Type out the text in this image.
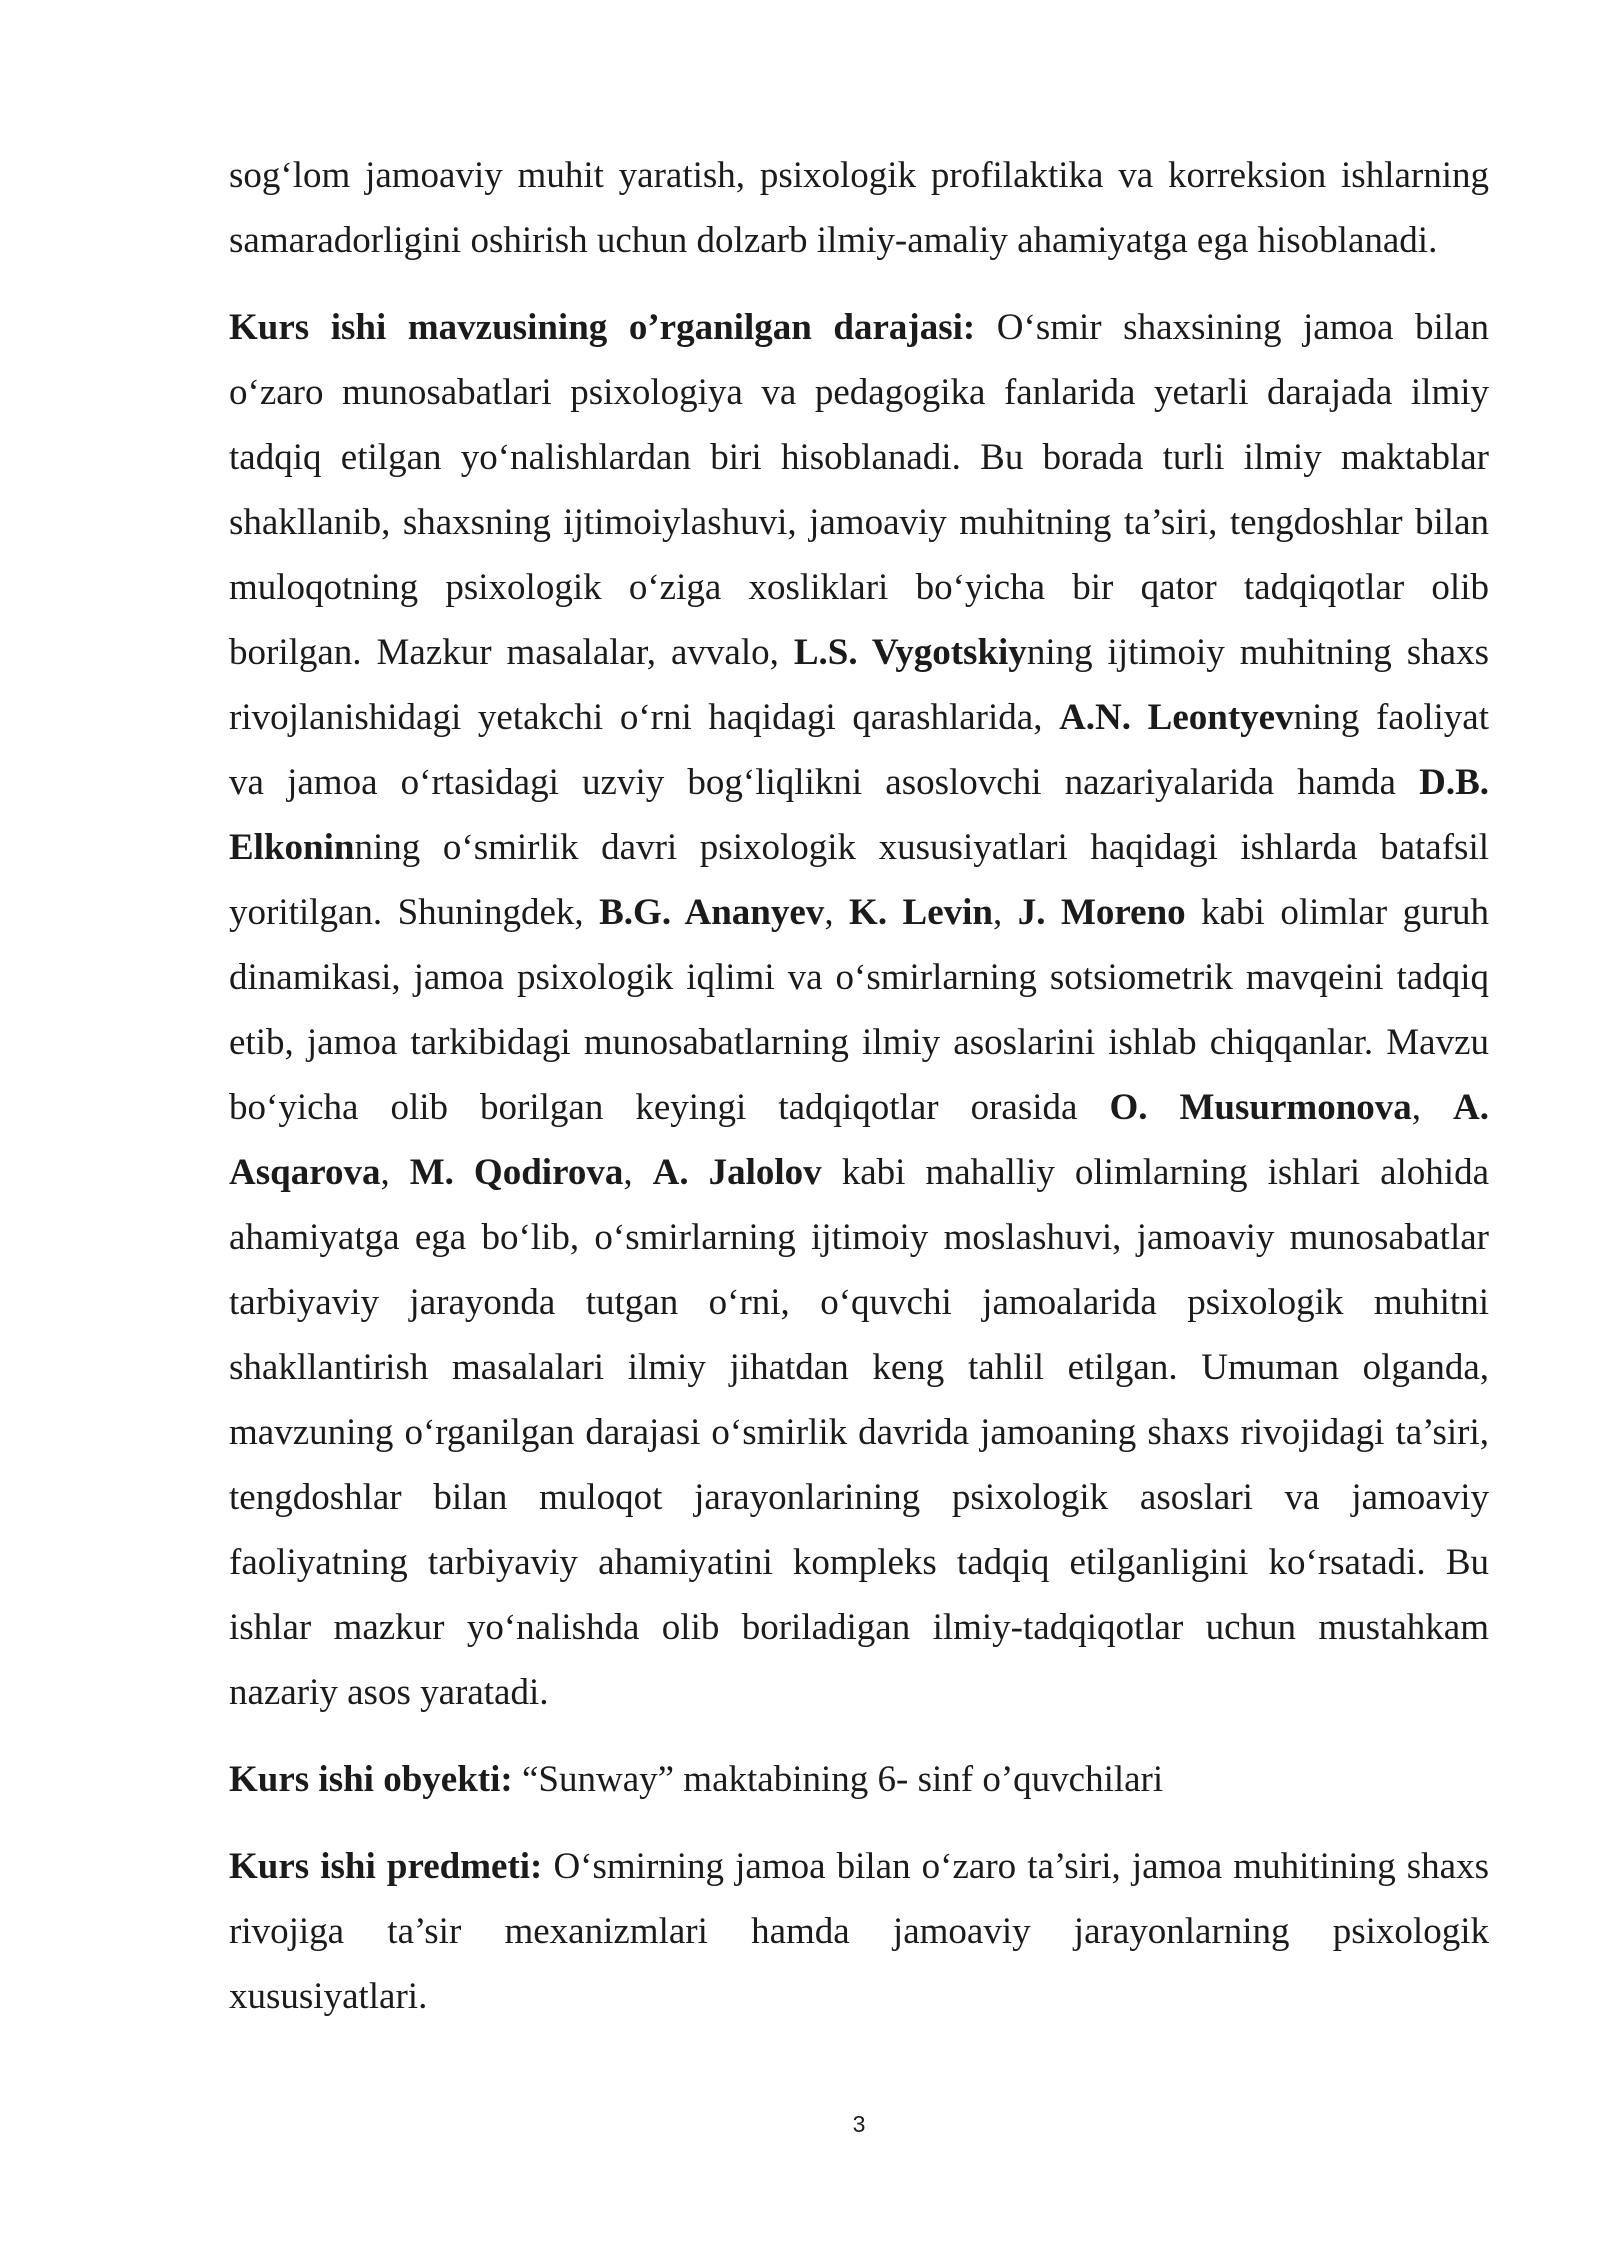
sog‘lom jamoaviy muhit yaratish, psixologik profilaktika va korreksion ishlarning
samaradorligini oshirish uchun dolzarb ilmiy-amaliy ahamiyatga ega hisoblanadi.
Kurs ishi mavzusining o’rganilgan darajasi: O‘smir shaxsining jamoa bilan
o‘zaro munosabatlari psixologiya va pedagogika fanlarida yetarli darajada ilmiy
tadqiq etilgan yo‘nalishlardan biri hisoblanadi. Bu borada turli ilmiy maktablar
shakllanib, shaxsning ijtimoiylashuvi, jamoaviy muhitning ta’siri, tengdoshlar bilan
muloqotning psixologik o‘ziga xosliklari bo‘yicha bir qator tadqiqotlar olib
borilgan. Mazkur masalalar, avvalo, L.S. Vygotskiyning ijtimoiy muhitning shaxs
rivojlanishidagi yetakchi o‘rni haqidagi qarashlarida, A.N. Leontyevning faoliyat
va jamoa o‘rtasidagi uzviy bog‘liqlikni asoslovchi nazariyalarida hamda D.B.
Elkoninning o‘smirlik davri psixologik xususiyatlari haqidagi ishlarda batafsil
yoritilgan. Shuningdek, B.G. Ananyev, K. Levin, J. Moreno kabi olimlar guruh
dinamikasi, jamoa psixologik iqlimi va o‘smirlarning sotsiometrik mavqeini tadqiq
etib, jamoa tarkibidagi munosabatlarning ilmiy asoslarini ishlab chiqqanlar. Mavzu
bo‘yicha olib borilgan keyingi tadqiqotlar orasida O. Musurmonova, A.
Asqarova, M. Qodirova, A. Jalolov kabi mahalliy olimlarning ishlari alohida
ahamiyatga ega bo‘lib, o‘smirlarning ijtimoiy moslashuvi, jamoaviy munosabatlar
tarbiyaviy jarayonda tutgan o‘rni, o‘quvchi jamoalarida psixologik muhitni
shakllantirish masalalari ilmiy jihatdan keng tahlil etilgan. Umuman olganda,
mavzuning o‘rganilgan darajasi o‘smirlik davrida jamoaning shaxs rivojidagi ta’siri,
tengdoshlar bilan muloqot jarayonlarining psixologik asoslari va jamoaviy
faoliyatning tarbiyaviy ahamiyatini kompleks tadqiq etilganligini ko‘rsatadi. Bu
ishlar mazkur yo‘nalishda olib boriladigan ilmiy-tadqiqotlar uchun mustahkam
nazariy asos yaratadi.
Kurs ishi obyekti: “Sunway” maktabining 6- sinf o’quvchilari
Kurs ishi predmeti: O‘smirning jamoa bilan o‘zaro ta’siri, jamoa muhitining shaxs
rivojiga ta’sir mexanizmlari hamda jamoaviy jarayonlarning psixologik
xususiyatlari.
3
